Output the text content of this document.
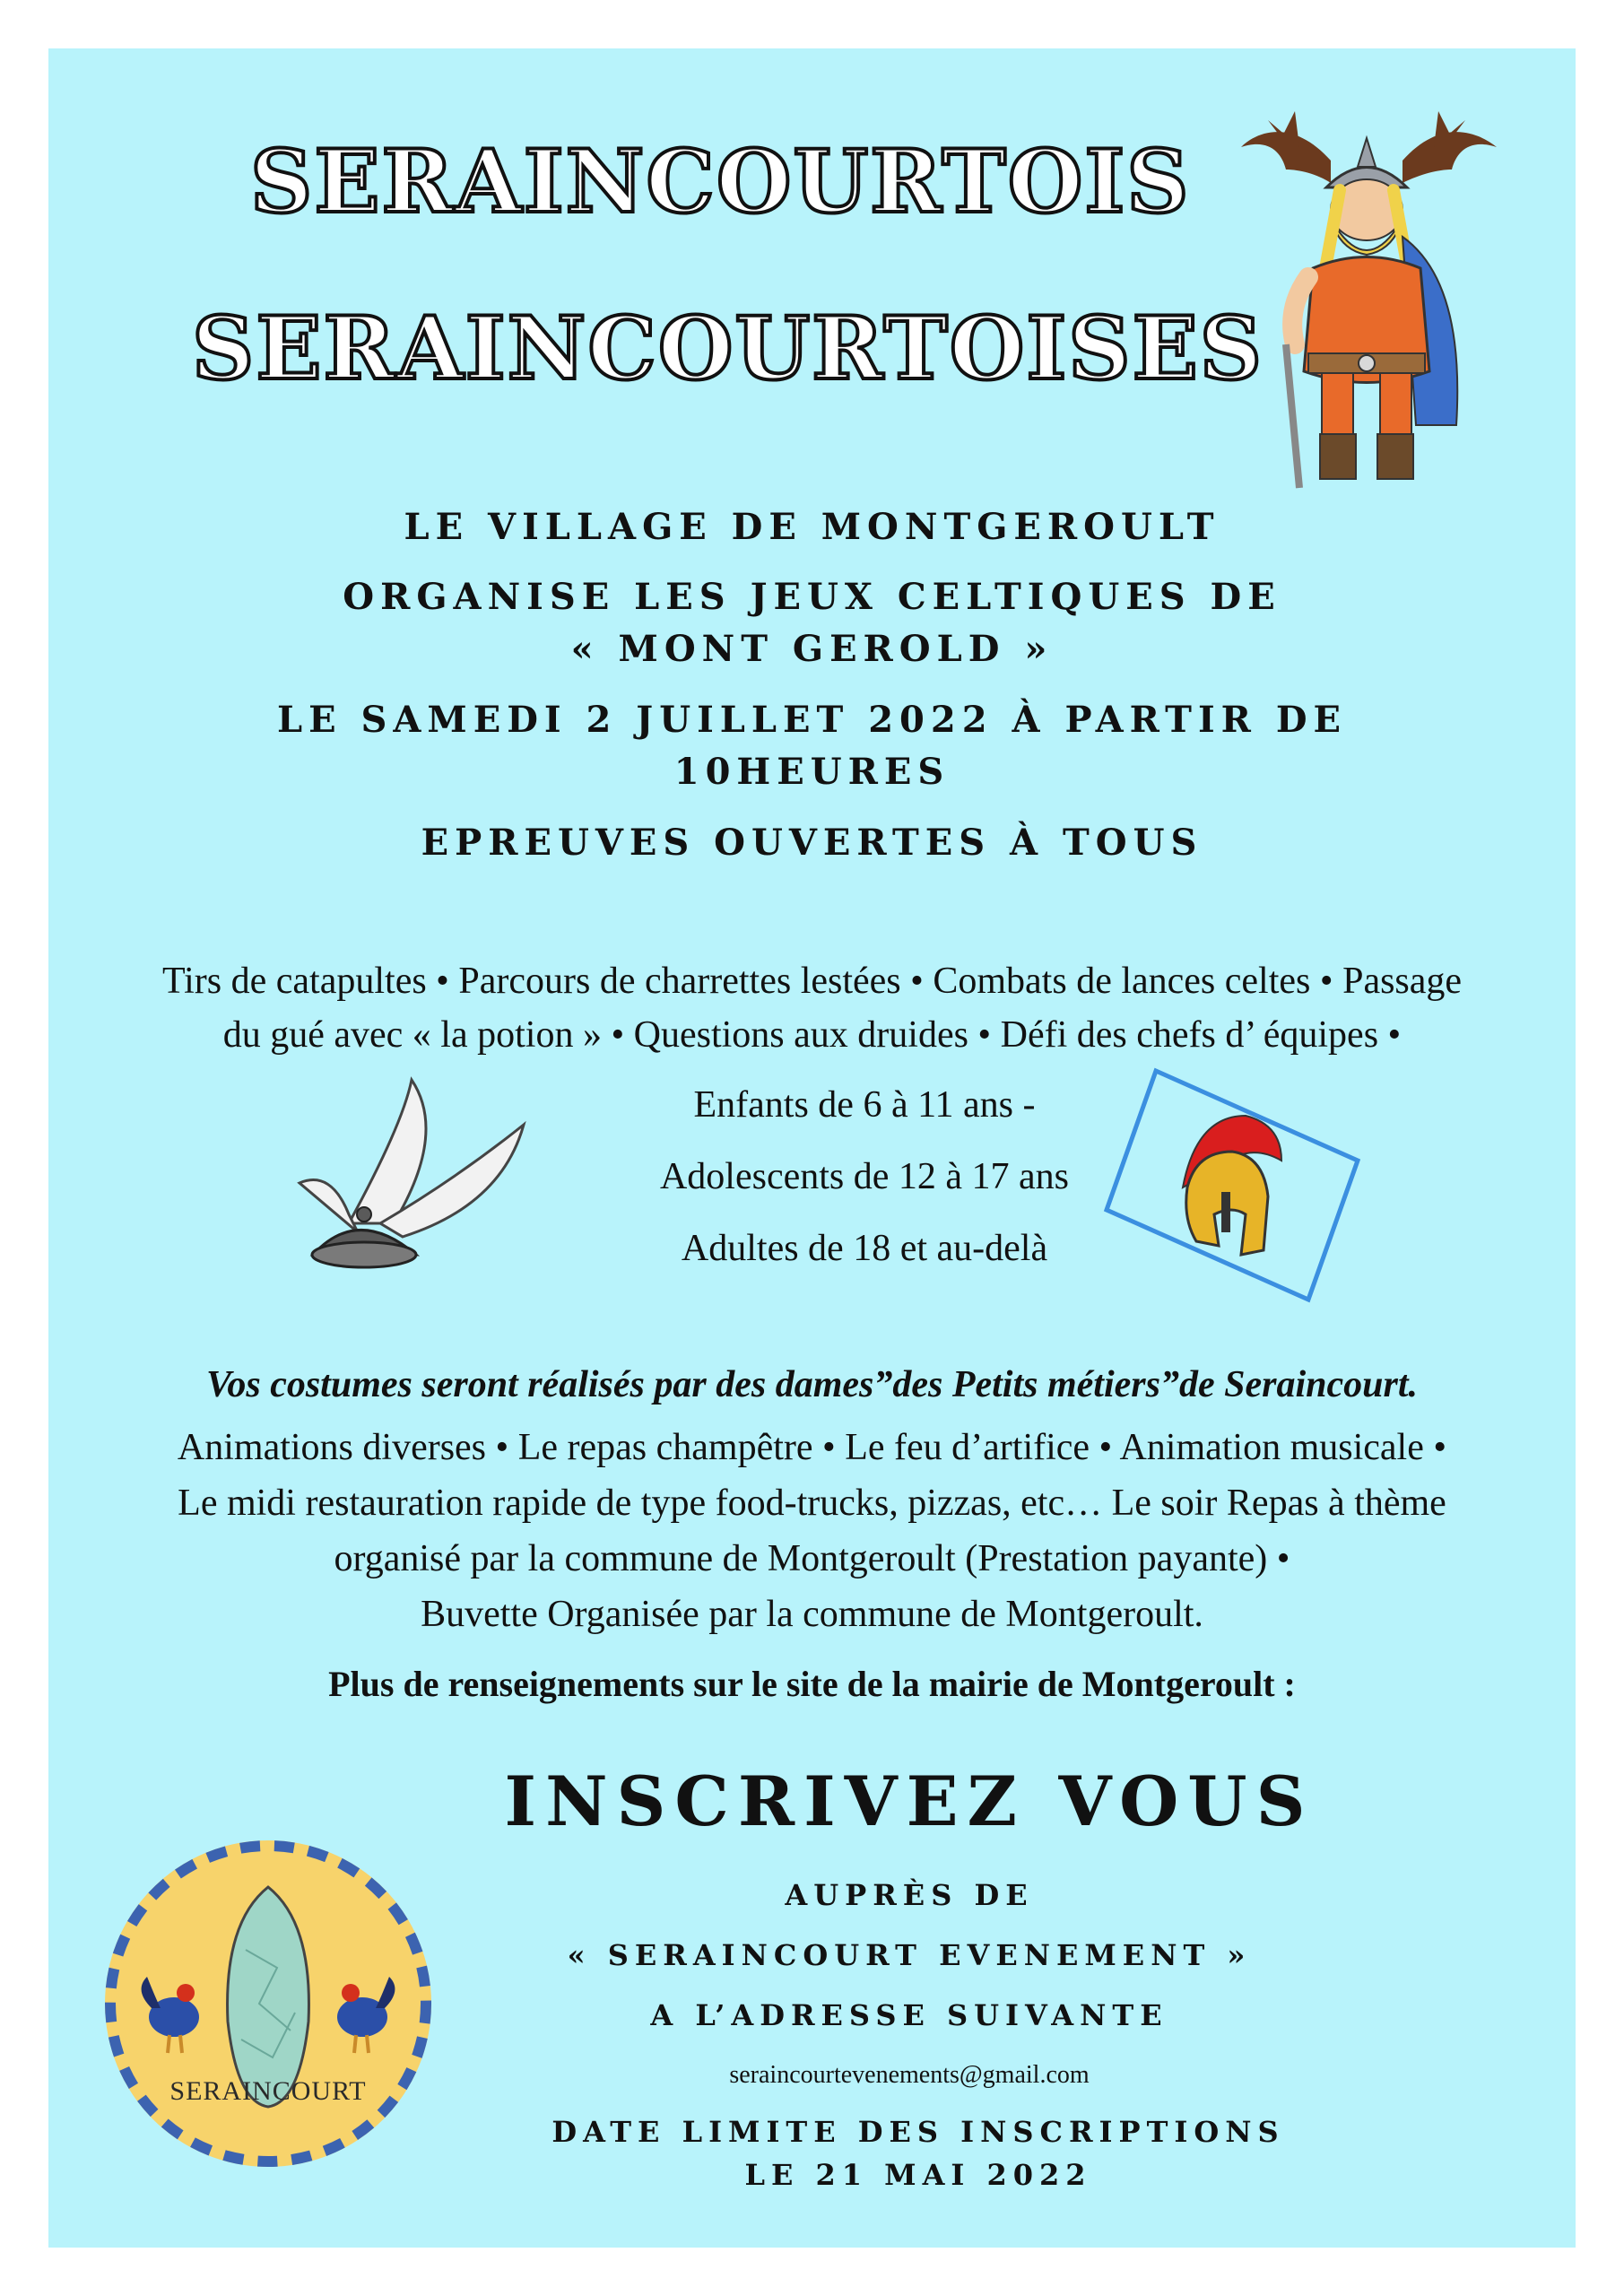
SERAINCOURTOIS
SERAINCOURTOISES
LE VILLAGE DE MONTGEROULT
ORGANISE LES JEUX CELTIQUES DE
« MONT GEROLD »
LE SAMEDI 2 JUILLET 2022 À PARTIR DE
10HEURES
EPREUVES OUVERTES À TOUS
Tirs de catapultes • Parcours de charrettes lestées • Combats de lances celtes • Passage
du gué avec « la potion » • Questions aux druides • Défi des chefs d’ équipes •
Enfants de 6 à 11 ans -
Adolescents de 12 à 17 ans
Adultes de 18 et au-delà
Vos costumes seront réalisés par des dames”des Petits métiers”de Seraincourt.
Animations diverses • Le repas champêtre • Le feu d’artifice • Animation musicale •
Le midi restauration rapide de type food-trucks, pizzas, etc… Le soir Repas à thème
organisé par la commune de Montgeroult (Prestation payante) •
Buvette Organisée par la commune de Montgeroult.
Plus de renseignements sur le site de la mairie de Montgeroult :
INSCRIVEZ VOUS
AUPRÈS DE
« SERAINCOURT EVENEMENT »
A L’ADRESSE SUIVANTE
seraincourtevenements@gmail.com
DATE LIMITE DES INSCRIPTIONS
LE 21 MAI 2022
SERAINCOURT
